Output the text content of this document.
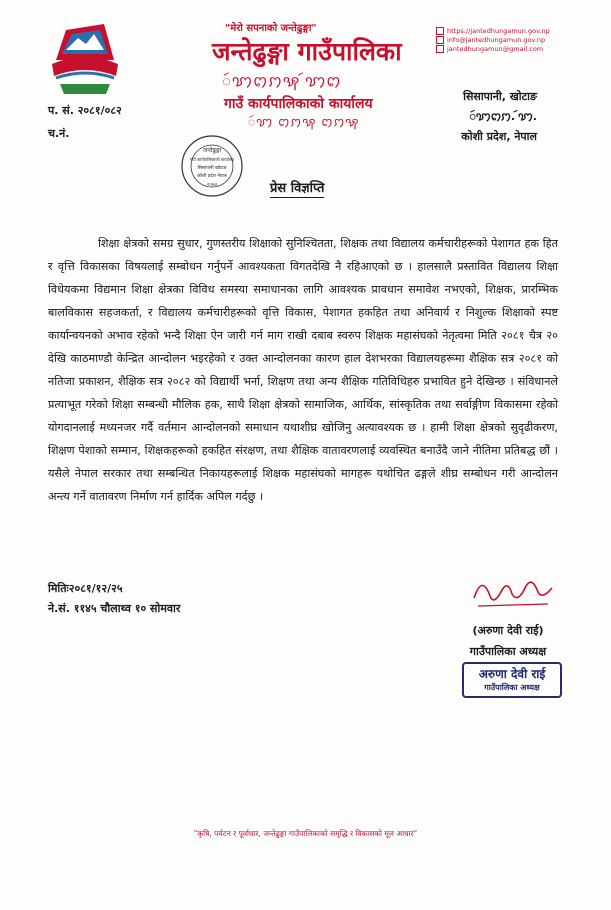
"मेरो सपनाको जन्तेढुङ्गा"
जन्तेढुङ्गा गाउँपालिका
ꩃꩈꩁꩀꩂ ꩃꩈꩁ
गाउँ कार्यपालिकाको कार्यालय
ꩃꩈ ꩁꩀꩂ ꩁꩀꩂ
https://jantedhungamun.gov.np
info@jantedhungamun.gov.np
jantedhungamun@gmail.com
सिसापानी, खोटाङ
ꩃꩈꩁꩀ. ꩃꩈ.
कोशी प्रदेश, नेपाल
प. सं. २०८१/०८२
च.नं.
जन्तेढुङ्गा
गाउँ कार्यपालिकाको कार्यालय
सिसापानी खोटाङ
कोशी प्रदेश नेपाल
२०७३	प्रेस विज्ञप्ति

शिक्षा क्षेत्रको समग्र सुधार, गुणस्तरीय शिक्षाको सुनिश्चितता, शिक्षक तथा विद्यालय कर्मचारीहरूको पेशागत हक हित र वृत्ति विकासका विषयलाई सम्बोधन गर्नुपर्ने आवश्यकता विगतदेखि नै रहिआएको छ । हालसालै प्रस्तावित विद्यालय शिक्षा विधेयकमा विद्यमान शिक्षा क्षेत्रका विविध समस्या समाधानका लागि आवश्यक प्रावधान समावेश नभएको, शिक्षक, प्रारम्भिक बालविकास सहजकर्ता, र विद्यालय कर्मचारीहरूको वृत्ति विकास, पेशागत हकहित तथा अनिवार्य र निशुल्क शिक्षाको स्पष्ट कार्यान्वयनको अभाव रहेको भन्दै शिक्षा ऐन जारी गर्न माग राखी दबाब स्वरुप शिक्षक महासंघको नेतृत्वमा मिति २०८१ चैत्र २० देखि काठमाण्डौ केन्द्रित आन्दोलन भइरहेको र उक्त आन्दोलनका कारण हाल देशभरका विद्यालयहरूमा शैक्षिक सत्र २०८१ को नतिजा प्रकाशन, शैक्षिक सत्र २०८२ को विद्यार्थी भर्ना, शिक्षण तथा अन्य शैक्षिक गतिविधिहरु प्रभावित हुने देखिन्छ । संविधानले प्रत्याभूत गरेको शिक्षा सम्बन्धी मौलिक हक, साथै शिक्षा क्षेत्रको सामाजिक, आर्थिक, सांस्कृतिक तथा सर्वाङ्गीण विकासमा रहेको योगदानलाई मध्यनजर गर्दै वर्तमान आन्दोलनको समाधान यथाशीघ्र खोजिनु अत्यावश्यक छ । हामी शिक्षा क्षेत्रको सुदृढीकरण, शिक्षण पेशाको सम्मान, शिक्षकहरूको हकहित संरक्षण, तथा शैक्षिक वातावरणलाई व्यवस्थित बनाउँदै जाने नीतिमा प्रतिबद्ध छौं । यसैले नेपाल सरकार तथा सम्बन्धित निकायहरूलाई शिक्षक महासंघको मागहरू यथोचित ढङ्गले शीघ्र सम्बोधन गरी आन्दोलन अन्त्य गर्ने वातावरण निर्माण गर्न हार्दिक अपिल गर्दछु ।

मितिः२०८१/१२/२५
ने.सं. ११४५ चौलाथ्व १० सोमवार	अरुणा
(अरुणा देवी राई)
गाउँपालिका अध्यक्ष
अरुणा देवी राई
गाउँपालिका अध्यक्ष
"कृषि, पर्यटन र पूर्वाधार, जन्तेढुङ्गा गाउँपालिकाको समृद्धि र विकासको मूल आधार"
